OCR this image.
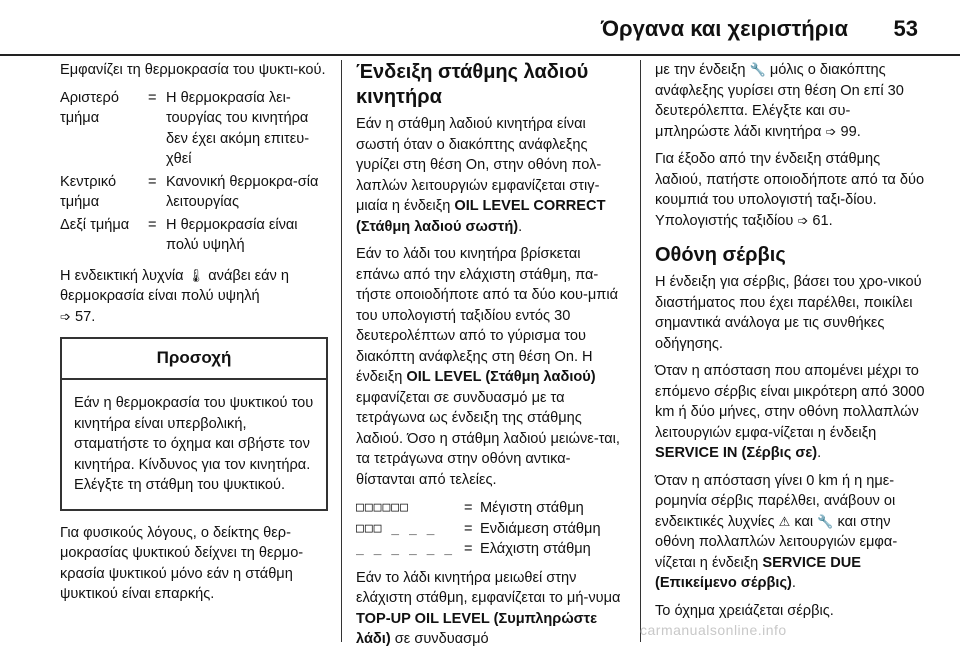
Όργανα και χειριστήρια 53

Εμφανίζει τη θερμοκρασία του ψυκτι-κού.

Αριστερό τμήμα
= Η θερμοκρασία λει-τουργίας του κινητήρα δεν έχει ακόμη επιτευ-χθεί
Κεντρικό τμήμα
= Κανονική θερμοκρα-σία λειτουργίας
Δεξί τμήμα	= Η θερμοκρασία είναι πολύ υψηλή

Η ενδεικτική λυχνία 🌡 ανάβει εάν η θερμοκρασία είναι πολύ υψηλή
➩ 57.

Προσοχή
Εάν η θερμοκρασία του ψυκτικού του κινητήρα είναι υπερβολική, σταματήστε το όχημα και σβήστε τον κινητήρα. Κίνδυνος για τον κινητήρα. Ελέγξτε τη στάθμη του ψυκτικού.

Για φυσικούς λόγους, ο δείκτης θερ-μοκρασίας ψυκτικού δείχνει τη θερμο-κρασία ψυκτικού μόνο εάν η στάθμη ψυκτικού είναι επαρκής.

Ένδειξη στάθμης λαδιού κινητήρα

Εάν η στάθμη λαδιού κινητήρα είναι σωστή όταν ο διακόπτης ανάφλεξης γυρίζει στη θέση On, στην οθόνη πολ-λαπλών λειτουργιών εμφανίζεται στιγ-μιαία η ένδειξη OIL LEVEL CORRECT (Στάθμη λαδιού σωστή).

Εάν το λάδι του κινητήρα βρίσκεται επάνω από την ελάχιστη στάθμη, πα-τήστε οποιοδήποτε από τα δύο κου-μπιά του υπολογιστή ταξιδίου εντός 30 δευτερολέπτων από το γύρισμα του διακόπτη ανάφλεξης στη θέση On. Η ένδειξη OIL LEVEL (Στάθμη λαδιού) εμφανίζεται σε συνδυασμό με τα τετράγωνα ως ένδειξη της στάθμης λαδιού. Όσο η στάθμη λαδιού μειώνε-ται, τα τετράγωνα στην οθόνη αντικα-θίστανται από τελείες.

□□□□□□	= Μέγιστη στάθμη
□□□ _ _ _	= Ενδιάμεση στάθμη
_ _ _ _ _ _ = Ελάχιστη στάθμη

Εάν το λάδι κινητήρα μειωθεί στην ελάχιστη στάθμη, εμφανίζεται το μή-νυμα TOP-UP OIL LEVEL (Συμπληρώστε λάδι) σε συνδυασμό

με την ένδειξη 🔧 μόλις ο διακόπτης ανάφλεξης γυρίσει στη θέση On επί 30 δευτερόλεπτα. Ελέγξτε και συ-μπληρώστε λάδι κινητήρα ➩ 99.

Για έξοδο από την ένδειξη στάθμης λαδιού, πατήστε οποιοδήποτε από τα δύο κουμπιά του υπολογιστή ταξι-δίου. Υπολογιστής ταξιδίου ➩ 61.

Οθόνη σέρβις

Η ένδειξη για σέρβις, βάσει του χρο-νικού διαστήματος που έχει παρέλθει, ποικίλει σημαντικά ανάλογα με τις συνθήκες οδήγησης.

Όταν η απόσταση που απομένει μέχρι το επόμενο σέρβις είναι μικρότερη από 3000 km ή δύο μήνες, στην οθόνη πολλαπλών λειτουργιών εμφα-νίζεται η ένδειξη SERVICE IN (Σέρβις σε).

Όταν η απόσταση γίνει 0 km ή η ημε-ρομηνία σέρβις παρέλθει, ανάβουν οι ενδεικτικές λυχνίες ⚠ και 🔧 και στην οθόνη πολλαπλών λειτουργιών εμφα-νίζεται η ένδειξη SERVICE DUE (Επικείμενο σέρβις).

Το όχημα χρειάζεται σέρβις.

carmanualsonline.info
